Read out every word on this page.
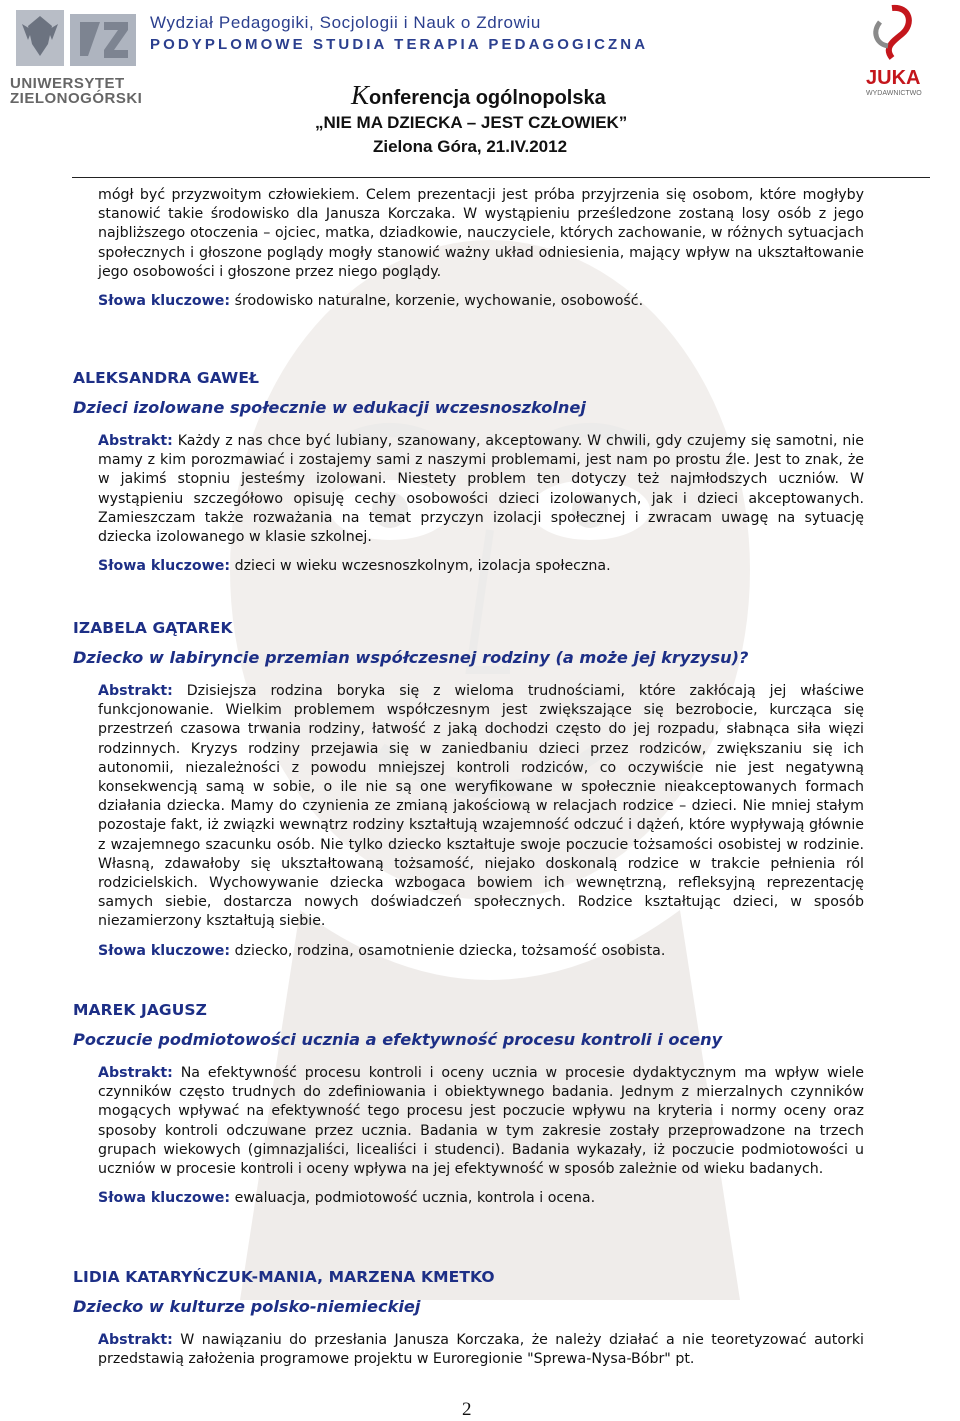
UNIWERSYTET
ZIELONOGÓRSKI
Wydział Pedagogiki, Socjologii i Nauk o Zdrowiu
PODYPLOMOWE STUDIA TERAPIA PEDAGOGICZNA
Konferencja ogólnopolska
„NIE MA DZIECKA – JEST CZŁOWIEK”
Zielona Góra, 21.IV.2012
JUKA
WYDAWNICTWO

mógł być przyzwoitym człowiekiem. Celem prezentacji jest próba przyjrzenia się osobom, które mogłyby stanowić takie środowisko dla Janusza Korczaka. W wystąpieniu prześledzone zostaną losy osób z jego najbliższego otoczenia – ojciec, matka, dziadkowie, nauczyciele, których zachowanie, w różnych sytuacjach społecznych i głoszone poglądy mogły stanowić ważny układ odniesienia, mający wpływ na ukształtowanie jego osobowości i głoszone przez niego poglądy.

Słowa kluczowe: środowisko naturalne, korzenie, wychowanie, osobowość.

ALEKSANDRA GAWEŁ

Dzieci izolowane społecznie w edukacji wczesnoszkolnej

Abstrakt: Każdy z nas chce być lubiany, szanowany, akceptowany. W chwili, gdy czujemy się samotni, nie mamy z kim porozmawiać i zostajemy sami z naszymi problemami, jest nam po prostu źle. Jest to znak, że w jakimś stopniu jesteśmy izolowani. Niestety problem ten dotyczy też najmłodszych uczniów. W wystąpieniu szczegółowo opisuję cechy osobowości dzieci izolowanych, jak i dzieci akceptowanych. Zamieszczam także rozważania na temat przyczyn izolacji społecznej i zwracam uwagę na sytuację dziecka izolowanego w klasie szkolnej.

Słowa kluczowe: dzieci w wieku wczesnoszkolnym, izolacja społeczna.

IZABELA GĄTAREK

Dziecko w labiryncie przemian współczesnej rodziny (a może jej kryzysu)?

Abstrakt: Dzisiejsza rodzina boryka się z wieloma trudnościami, które zakłócają jej właściwe funkcjonowanie. Wielkim problemem współczesnym jest zwiększające się bezrobocie, kurcząca się przestrzeń czasowa trwania rodziny, łatwość z jaką dochodzi często do jej rozpadu, słabnąca siła więzi rodzinnych. Kryzys rodziny przejawia się w zaniedbaniu dzieci przez rodziców, zwiększaniu się ich autonomii, niezależności z powodu mniejszej kontroli rodziców, co oczywiście nie jest negatywną konsekwencją samą w sobie, o ile nie są one weryfikowane w społecznie nieakceptowanych formach działania dziecka. Mamy do czynienia ze zmianą jakościową w relacjach rodzice – dzieci. Nie mniej stałym pozostaje fakt, iż związki wewnątrz rodziny kształtują wzajemność odczuć i dążeń, które wypływają głównie z wzajemnego szacunku osób. Nie tylko dziecko kształtuje swoje poczucie tożsamości osobistej w rodzinie. Własną, zdawałoby się ukształtowaną tożsamość, niejako doskonalą rodzice w trakcie pełnienia ról rodzicielskich. Wychowywanie dziecka wzbogaca bowiem ich wewnętrzną, refleksyjną reprezentację samych siebie, dostarcza nowych doświadczeń społecznych. Rodzice kształtując dzieci, w sposób niezamierzony kształtują siebie.

Słowa kluczowe: dziecko, rodzina, osamotnienie dziecka, tożsamość osobista.

MAREK JAGUSZ

Poczucie podmiotowości ucznia a efektywność procesu kontroli i oceny

Abstrakt: Na efektywność procesu kontroli i oceny ucznia w procesie dydaktycznym ma wpływ wiele czynników często trudnych do zdefiniowania i obiektywnego badania. Jednym z mierzalnych czynników mogących wpływać na efektywność tego procesu jest poczucie wpływu na kryteria i normy oceny oraz sposoby kontroli odczuwane przez ucznia. Badania w tym zakresie zostały przeprowadzone na trzech grupach wiekowych (gimnazjaliści, licealiści i studenci). Badania wykazały, iż poczucie podmiotowości u uczniów w procesie kontroli i oceny wpływa na jej efektywność w sposób zależnie od wieku badanych.

Słowa kluczowe: ewaluacja, podmiotowość ucznia, kontrola i ocena.

LIDIA KATARYŃCZUK-MANIA, MARZENA KMETKO

Dziecko w kulturze polsko-niemieckiej

Abstrakt: W nawiązaniu do przesłania Janusza Korczaka, że należy działać a nie teoretyzować autorki przedstawią założenia programowe projektu w Euroregionie "Sprewa-Nysa-Bóbr" pt.

2
